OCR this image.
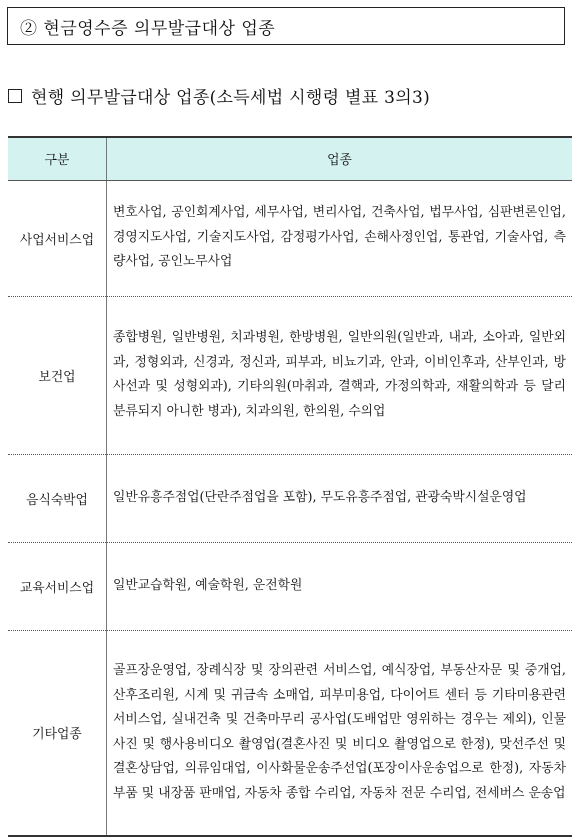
② 현금영수증 의무발급대상 업종
현행 의무발급대상 업종(소득세법 시행령 별표 3의3)
구분	업종
사업서비스업	변호사업, 공인회계사업, 세무사업, 변리사업, 건축사업, 법무사업, 심판변론인업, 경영지도사업, 기술지도사업, 감정평가사업, 손해사정인업, 통관업, 기술사업, 측량사업, 공인노무사업
보건업	종합병원, 일반병원, 치과병원, 한방병원, 일반의원(일반과, 내과, 소아과, 일반외과, 정형외과, 신경과, 정신과, 피부과, 비뇨기과, 안과, 이비인후과, 산부인과, 방사선과 및 성형외과), 기타의원(마취과, 결핵과, 가정의학과, 재활의학과 등 달리 분류되지 아니한 병과), 치과의원, 한의원, 수의업
음식숙박업	일반유흥주점업(단란주점업을 포함), 무도유흥주점업, 관광숙박시설운영업
교육서비스업	일반교습학원, 예술학원, 운전학원
기타업종	골프장운영업, 장례식장 및 장의관련 서비스업, 예식장업, 부동산자문 및 중개업, 산후조리원, 시계 및 귀금속 소매업, 피부미용업, 다이어트 센터 등 기타미용관련 서비스업, 실내건축 및 건축마무리 공사업(도배업만 영위하는 경우는 제외), 인물사진 및 행사용비디오 촬영업(결혼사진 및 비디오 촬영업으로 한정), 맞선주선 및 결혼상담업, 의류임대업, 이사화물운송주선업(포장이사운송업으로 한정), 자동차 부품 및 내장품 판매업, 자동차 종합 수리업, 자동차 전문 수리업, 전세버스 운송업
